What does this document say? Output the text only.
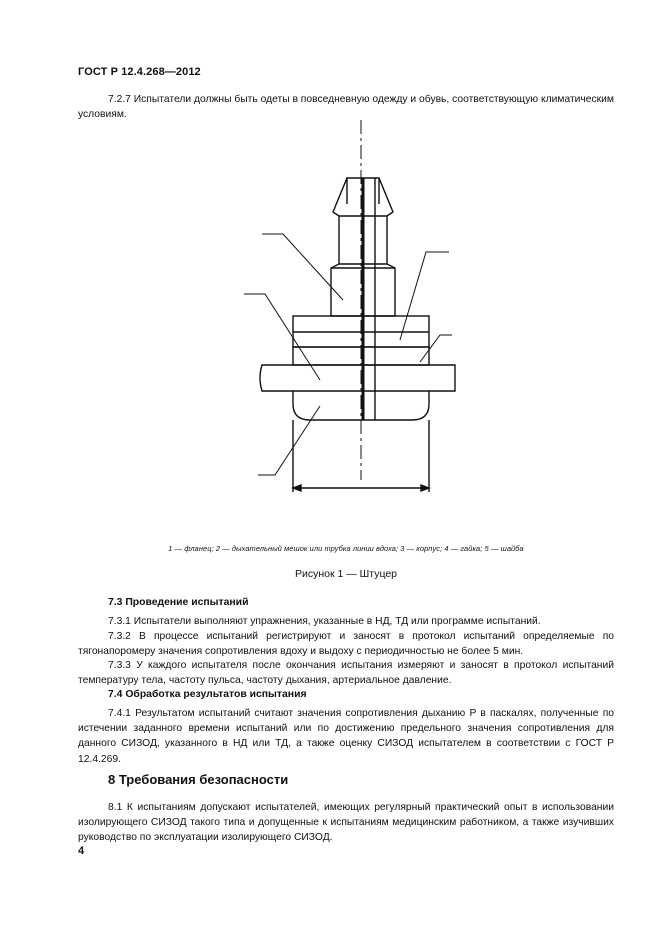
ГОСТ Р 12.4.268—2012
7.2.7 Испытатели должны быть одеты в повседневную одежду и обувь, соответствующую климатическим условиям.
1 — фланец; 2 — дыхательный мешок или трубка линии вдоха; 3 — корпус; 4 — гайка; 5 — шайба
Рисунок 1 — Штуцер
7.3 Проведение испытаний
7.3.1 Испытатели выполняют упражнения, указанные в НД, ТД или программе испытаний.
7.3.2 В процессе испытаний регистрируют и заносят в протокол испытаний определяемые по тягонапоромеру значения сопротивления вдоху и выдоху с периодичностью не более 5 мин.
7.3.3 У каждого испытателя после окончания испытания измеряют и заносят в протокол испытаний температуру тела, частоту пульса, частоту дыхания, артериальное давление.
7.4 Обработка результатов испытания
7.4.1 Результатом испытаний считают значения сопротивления дыханию P в паскалях, полученные по истечении заданного времени испытаний или по достижению предельного значения сопротивления для данного СИЗОД, указанного в НД или ТД, а также оценку СИЗОД испытателем в соответствии с ГОСТ Р 12.4.269.
8 Требования безопасности
8.1 К испытаниям допускают испытателей, имеющих регулярный практический опыт в использовании изолирующего СИЗОД такого типа и допущенные к испытаниям медицинским работником, а также изучивших руководство по эксплуатации изолирующего СИЗОД.
4
